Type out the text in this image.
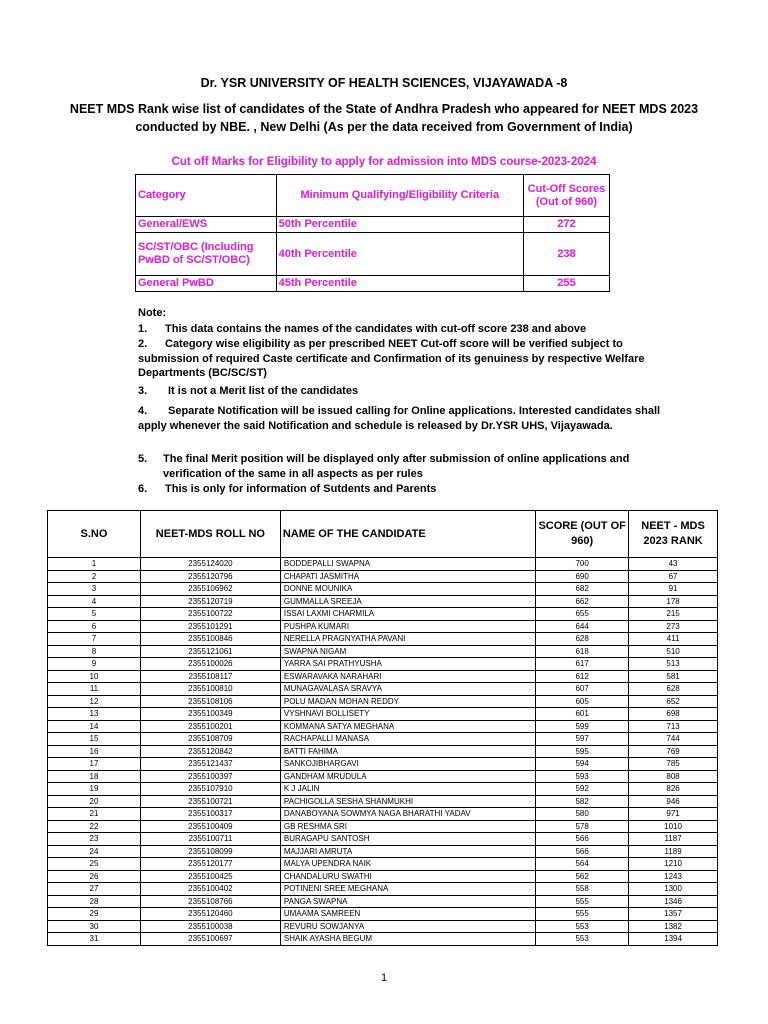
Dr. YSR UNIVERSITY OF HEALTH SCIENCES, VIJAYAWADA -8
NEET MDS Rank wise list of candidates of the State of Andhra Pradesh who appeared for NEET MDS 2023 conducted by NBE. , New Delhi (As per the data received from Government of India)
Cut off Marks for Eligibility to apply for admission into MDS course-2023-2024
Category	Minimum Qualifying/Eligibility Criteria	Cut-Off Scores (Out of 960)
General/EWS	50th Percentile	272
SC/ST/OBC (Including PwBD of SC/ST/OBC)	40th Percentile	238
General PwBD	45th Percentile	255
Note:
1. This data contains the names of the candidates with cut-off score 238 and above
2. Category wise eligibility as per prescribed NEET Cut-off score will be verified subject to submission of required Caste certificate and Confirmation of its genuiness by respective Welfare Departments (BC/SC/ST)
3. It is not a Merit list of the candidates
4. Separate Notification will be issued calling for Online applications. Interested candidates shall apply whenever the said Notification and schedule is released by Dr.YSR UHS, Vijayawada.
5. The final Merit position will be displayed only after submission of online applications and verification of the same in all aspects as per rules
6. This is only for information of Sutdents and Parents
S.NO	NEET-MDS ROLL NO	NAME OF THE CANDIDATE	SCORE (OUT OF 960)	NEET - MDS 2023 RANK
1	2355124020	BODDEPALLI SWAPNA	700	43
2	2355120796	CHAPATI JASMITHA	690	67
3	2355106962	DONNE MOUNIKA	682	91
4	2355120719	GUMMALLA SREEJA	662	178
5	2355100722	ISSAI LAXMI CHARMILA	655	215
6	2355101291	PUSHPA KUMARI	644	273
7	2355100846	NERELLA PRAGNYATHA PAVANI	628	411
8	2355121061	SWAPNA NIGAM	618	510
9	2355100026	YARRA SAI PRATHYUSHA	617	513
10	2355108117	ESWARAVAKA NARAHARI	612	581
11	2355100810	MUNAGAVALASA SRAVYA	607	628
12	2355108106	POLU MADAN MOHAN REDDY	605	652
13	2355100349	VYSHNAVI BOLLISETY	601	698
14	2355100201	KOMMANA SATYA MEGHANA	599	713
15	2355108709	RACHAPALLI MANASA	597	744
16	2355120842	BATTI FAHIMA	595	769
17	2355121437	SANKOJIBHARGAVI	594	785
18	2355100397	GANDHAM MRUDULA	593	808
19	2355107910	K J JALIN	592	826
20	2355100721	PACHIGOLLA SESHA SHANMUKHI	582	946
21	2355100317	DANABOYANA SOWMYA NAGA BHARATHI YADAV	580	971
22	2355100409	GB RESHMA SRI	578	1010
23	2355100711	BURAGAPU SANTOSH	566	1187
24	2355108099	MAJJARI AMRUTA	566	1189
25	2355120177	MALYA UPENDRA NAIK	564	1210
26	2355100425	CHANDALURU SWATHI	562	1243
27	2355100402	POTINENI SREE MEGHANA	558	1300
28	2355108766	PANGA SWAPNA	555	1346
29	2355120460	UMAAMA SAMREEN	555	1357
30	2355100038	REVURU SOWJANYA	553	1382
31	2355100697	SHAIK AYASHA BEGUM	553	1394
1
